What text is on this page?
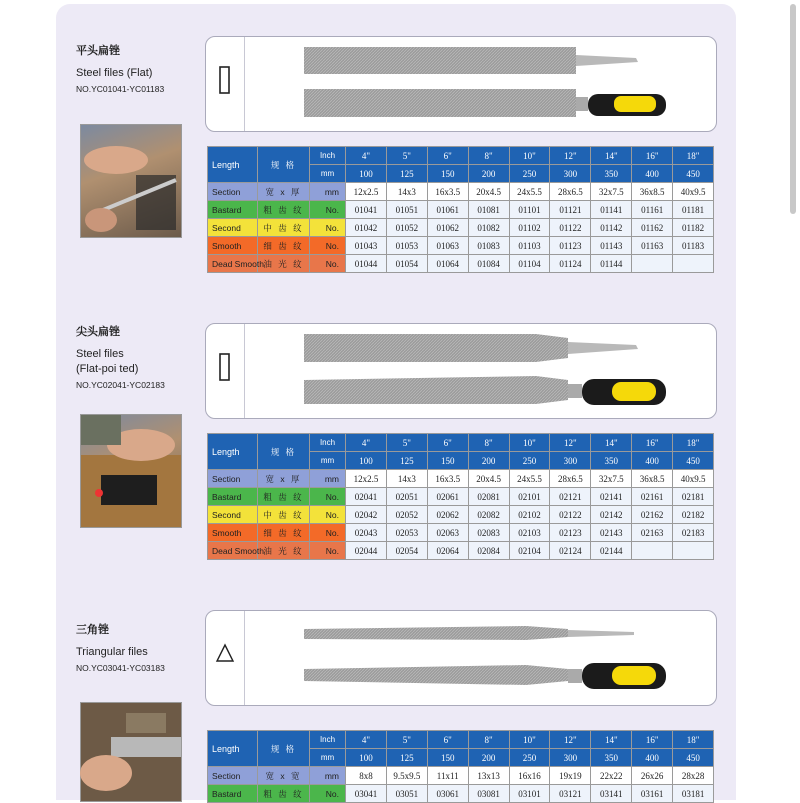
平头扁锉
Steel files (Flat)
NO.YC01041-YC01183
Length	规 格	Inch	4"	5"	6"	8"	10"	12"	14"	16"	18"
		mm	100	125	150	200	250	300	350	400	450
Section	宽 x 厚	mm	12x2.5	14x3	16x3.5	20x4.5	24x5.5	28x6.5	32x7.5	36x8.5	40x9.5
Bastard	粗 齿 纹	No.	01041	01051	01061	01081	01101	01121	01141	01161	01181
Second	中 齿 纹	No.	01042	01052	01062	01082	01102	01122	01142	01162	01182
Smooth	细 齿 纹	No.	01043	01053	01063	01083	01103	01123	01143	01163	01183
Dead Smooth	油 光 纹	No.	01044	01054	01064	01084	01104	01124	01144		
尖头扁锉
Steel files
(Flat-poi ted)
NO.YC02041-YC02183
Length	规 格	Inch	4"	5"	6"	8"	10"	12"	14"	16"	18"
		mm	100	125	150	200	250	300	350	400	450
Section	宽 x 厚	mm	12x2.5	14x3	16x3.5	20x4.5	24x5.5	28x6.5	32x7.5	36x8.5	40x9.5
Bastard	粗 齿 纹	No.	02041	02051	02061	02081	02101	02121	02141	02161	02181
Second	中 齿 纹	No.	02042	02052	02062	02082	02102	02122	02142	02162	02182
Smooth	细 齿 纹	No.	02043	02053	02063	02083	02103	02123	02143	02163	02183
Dead Smooth	油 光 纹	No.	02044	02054	02064	02084	02104	02124	02144		
三角锉
Triangular files
NO.YC03041-YC03183
Length	规 格	Inch	4"	5"	6"	8"	10"	12"	14"	16"	18"
		mm	100	125	150	200	250	300	350	400	450
Section	宽 x 宽	mm	8x8	9.5x9.5	11x11	13x13	16x16	19x19	22x22	26x26	28x28
Bastard	粗 齿 纹	No.	03041	03051	03061	03081	03101	03121	03141	03161	03181
